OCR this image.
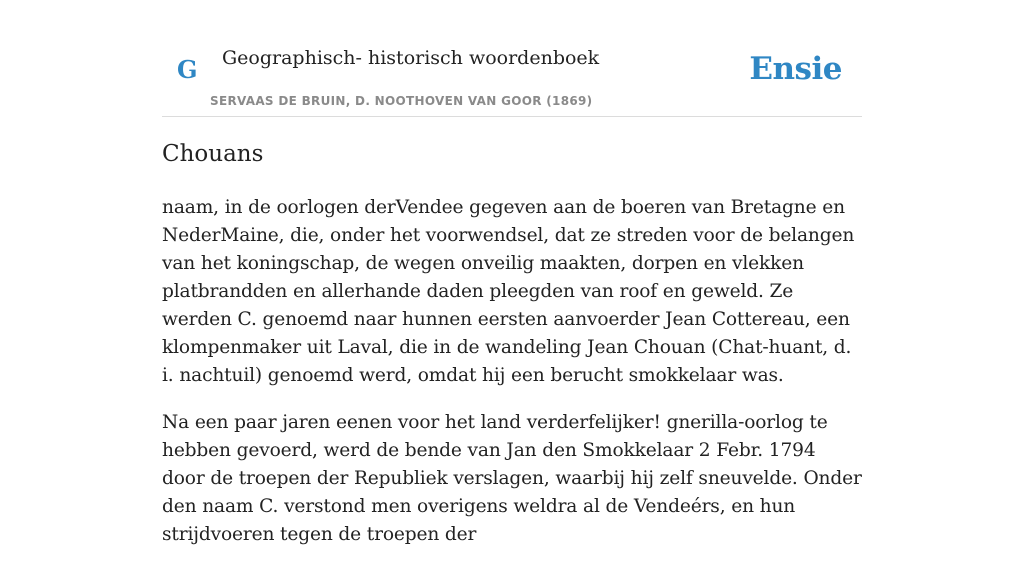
G Geographisch- historisch woordenboek
SERVAAS DE BRUIN, D. NOOTHOVEN VAN GOOR (1869)
Ensie
Chouans

naam, in de oorlogen derVendee gegeven aan de boeren van Bretagne en NederMaine, die, onder het voorwendsel, dat ze streden voor de belangen van het koningschap, de wegen onveilig maakten, dorpen en vlekken platbrandden en allerhande daden pleegden van roof en geweld. Ze werden C. genoemd naar hunnen eersten aanvoerder Jean Cottereau, een klompenmaker uit Laval, die in de wandeling Jean Chouan (Chat-huant, d. i. nachtuil) genoemd werd, omdat hij een berucht smokkelaar was.

Na een paar jaren eenen voor het land verderfelijker! gnerilla-oorlog te hebben gevoerd, werd de bende van Jan den Smokkelaar 2 Febr. 1794 door de troepen der Republiek verslagen, waarbij hij zelf sneuvelde. Onder den naam C. verstond men overigens weldra al de Vendeérs, en hun strijdvoeren tegen de troepen der
